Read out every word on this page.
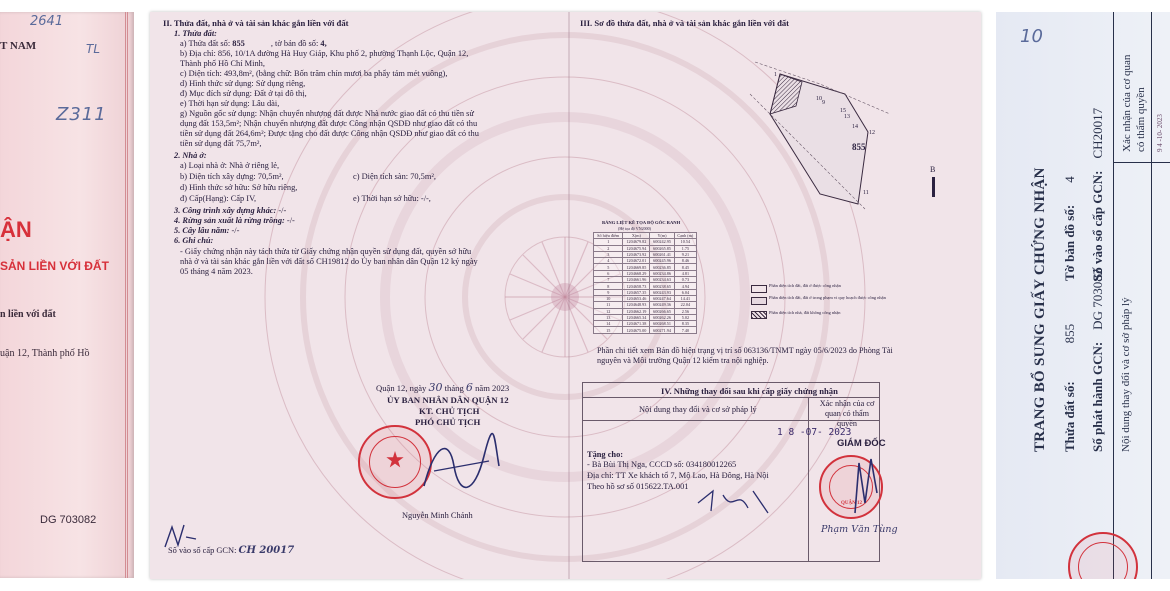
2641
T NAM	TL
Z311
ẬN
SẢN LIỀN VỚI ĐẤT
n liền với đất
uận 12, Thành phố Hồ
DG 703082
II. Thửa đất, nhà ở và tài sản khác gắn liền với đất
1. Thửa đất:
a) Thửa đất số: 855	, tờ bản đồ số: 4,
b) Địa chỉ: 856, 10/1A đường Hà Huy Giáp, Khu phố 2, phường Thạnh Lộc, Quận 12,
Thành phố Hồ Chí Minh,
c) Diện tích: 493,8m², (bằng chữ: Bốn trăm chín mươi ba phẩy tám mét vuông),
d) Hình thức sử dụng: Sử dụng riêng,
đ) Mục đích sử dụng: Đất ở tại đô thị,
e) Thời hạn sử dụng: Lâu dài,
g) Nguồn gốc sử dụng: Nhận chuyển nhượng đất được Nhà nước giao đất có thu tiền sử
dụng đất 153,5m²; Nhận chuyển nhượng đất được Công nhận QSDĐ như giao đất có thu
tiền sử dụng đất 264,6m²; Được tặng cho đất được Công nhận QSDĐ như giao đất có thu
tiền sử dụng đất 75,7m²,
2. Nhà ở:
a) Loại nhà ở: Nhà ở riêng lẻ,
b) Diện tích xây dựng: 70,5m²,	c) Diện tích sàn: 70,5m²,
d) Hình thức sở hữu: Sở hữu riêng,
đ) Cấp(Hạng): Cấp IV,	e) Thời hạn sở hữu: -/-,
3. Công trình xây dựng khác: -/-
4. Rừng sản xuất là rừng trồng: -/-
5. Cây lâu năm: -/-
6. Ghi chú:
- Giấy chứng nhận này tách thửa từ Giấy chứng nhận quyền sử dụng đất, quyền sở hữu
nhà ở và tài sản khác gắn liền với đất số CH19812 do Ủy ban nhân dân Quận 12 ký ngày
05 tháng 4 năm 2023.
Quận 12, ngày 30 tháng 6 năm 2023
ỦY BAN NHÂN DÂN QUẬN 12
KT. CHỦ TỊCH
PHÓ CHỦ TỊCH
Nguyễn Minh Chánh
Số vào số cấp GCN: CH 20017
III. Sơ đồ thửa đất, nhà ở và tài sản khác gắn liền với đất
10
13
14
12
15
9
11
1
855
B
BẢNG LIỆT KÊ TỌA ĐỘ GÓC RANH
(Hệ tọa độ VN2000)
Số hiệu điểm	X(m)	Y(m)	Cạnh (m)
1	1204679.82	600242.95	10.54
2	1204675.94	600265.85	1.75
3	1204673.92	600261.41	9.21
4	1204672.01	600245.96	8.46
5	1204669.85	600236.85	8.45
6	1204668.29	600234.86	4.81
7	1204661.96	600234.63	0.73
8	1204658.73	600238.65	4.94
9	1204657.35	600243.93	6.04
10	1204653.46	600247.64	14.41
11	1204648.93	600249.36	22.04
12	1204662.19	600266.65	2.56
13	1204665.34	600262.26	5.02
14	1204671.38	600268.51	8.35
15	1204675.00	600271.94	7.40
Phần diện tích đất, đất ở được công nhận
Phần diện tích đất, đất ở trong phạm vi quy hoạch được công nhận
Phần diện tích nhà, đất không công nhận
Phần chi tiết xem Bản đồ hiện trạng vị trí số 063136/TNMT ngày 05/6/2023 do Phòng Tài
nguyên và Môi trường Quận 12 kiểm tra nội nghiệp.
IV. Những thay đổi sau khi cấp giấy chứng nhận
Nội dung thay đổi và cơ sở pháp lý
Xác nhận của cơ quan có thẩm quyền
1 8 -07- 2023
GIÁM ĐỐC
Tặng cho:
- Bà Bùi Thị Nga, CCCD số: 034180012265
Địa chỉ: TT Xe khách tổ 7, Mộ Lao, Hà Đông, Hà Nội
Theo hồ sơ số 015622.TA.001
QUẬN 12
Phạm Văn Tùng
10
TRANG BỔ SUNG GIẤY CHỨNG NHẬN Thửa đất số:855
Tờ bản đồ số:4
Số phát hành GCN:DG 703082
Số vào sổ cấp GCN:CH20017
Nội dung thay đổi và cơ sở pháp lý
Xác nhận của cơ quan có thẩm quyền 9 4 -10- 2023
